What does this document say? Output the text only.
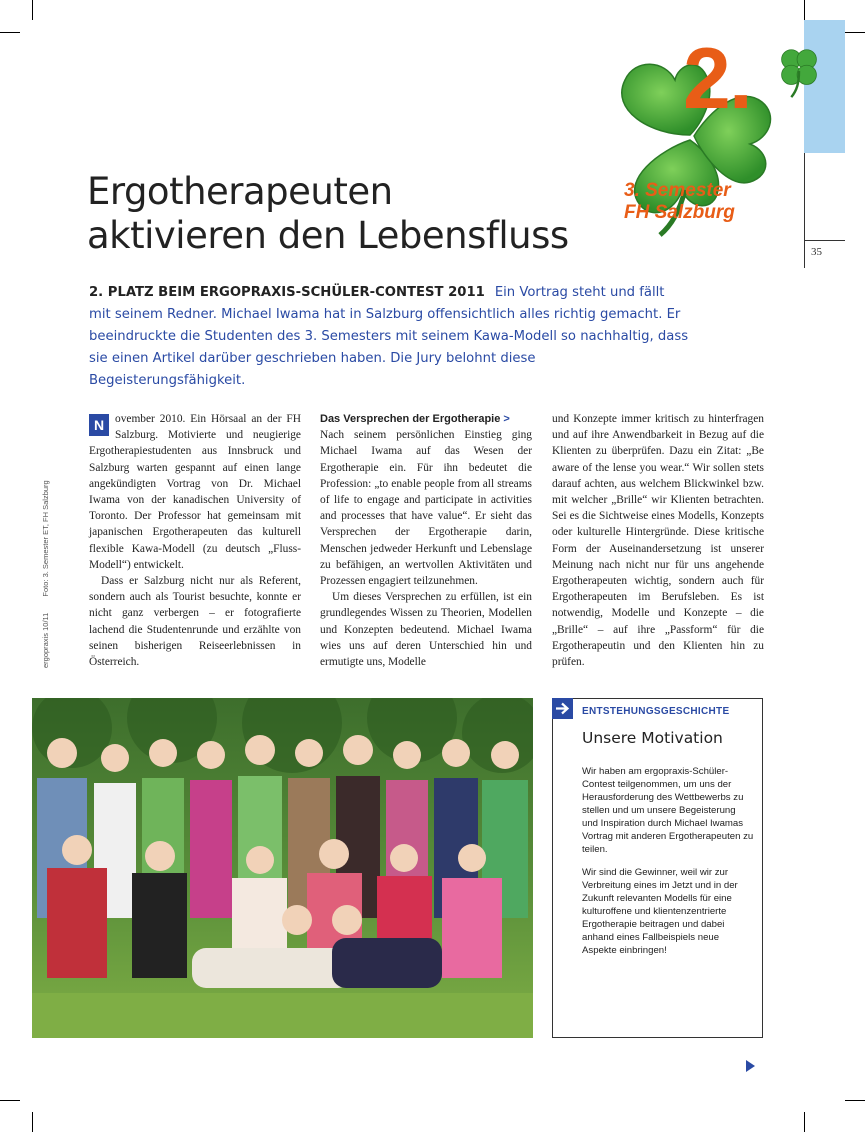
35
2.
3. Semester
FH Salzburg
Ergotherapeuten
aktivieren den Lebensfluss

2. PLATZ BEIM ERGOPRAXIS-SCHÜLER-CONTEST 2011 Ein Vortrag steht und fällt mit seinem Redner. Michael Iwama hat in Salzburg offensichtlich alles richtig gemacht. Er beeindruckte die Studenten des 3. Semesters mit seinem Kawa-Modell so nachhaltig, dass sie einen Artikel darüber geschrieben haben. Die Jury belohnt diese Begeisterungsfähigkeit.

ergopraxis 10/11 Foto: 3. Semester ET, FH Salzburg

N ovember 2010. Ein Hörsaal an der FH Salzburg. Motivierte und neugierige Ergotherapiestudenten aus Innsbruck und Salzburg warten gespannt auf einen lange angekündigten Vortrag von Dr. Michael Iwama von der kanadischen University of Toronto. Der Professor hat gemeinsam mit japanischen Ergotherapeuten das kulturell flexible Kawa-Modell (zu deutsch „Fluss-Modell“) entwickelt.

Dass er Salzburg nicht nur als Referent, sondern auch als Tourist besuchte, konnte er nicht ganz verbergen – er fotografierte lachend die Studentenrunde und erzählte von seinen bisherigen Reiseerlebnissen in Österreich.

Das Versprechen der Ergotherapie >

Nach seinem persönlichen Einstieg ging Michael Iwama auf das Wesen der Ergotherapie ein. Für ihn bedeutet die Profession: „to enable people from all streams of life to engage and participate in activities and processes that have value“. Er sieht das Versprechen der Ergotherapie darin, Menschen jedweder Herkunft und Lebenslage zu befähigen, an wertvollen Aktivitäten und Prozessen engagiert teilzunehmen.

Um dieses Versprechen zu erfüllen, ist ein grundlegendes Wissen zu Theorien, Modellen und Konzepten bedeutend. Michael Iwama wies uns auf deren Unterschied hin und ermutigte uns, Modelle

und Konzepte immer kritisch zu hinterfragen und auf ihre Anwendbarkeit in Bezug auf die Klienten zu überprüfen. Dazu ein Zitat: „Be aware of the lense you wear.“ Wir sollen stets darauf achten, aus welchem Blickwinkel bzw. mit welcher „Brille“ wir Klienten betrachten. Sei es die Sichtweise eines Modells, Konzepts oder kulturelle Hintergründe. Diese kritische Form der Auseinandersetzung ist unserer Meinung nach nicht nur für uns angehende Ergotherapeuten wichtig, sondern auch für Ergotherapeuten im Berufsleben. Es ist notwendig, Modelle und Konzepte – die „Brille“ – auf ihre „Passform“ für die Ergotherapeutin und den Klienten hin zu prüfen.

ENTSTEHUNGSGESCHICHTE
Unsere Motivation

Wir haben am ergopraxis-Schüler-Contest teilgenommen, um uns der Herausforderung des Wettbewerbs zu stellen und um unsere Begeisterung und Inspiration durch Michael Iwamas Vortrag mit anderen Ergotherapeuten zu teilen.

Wir sind die Gewinner, weil wir zur Verbreitung eines im Jetzt und in der Zukunft relevanten Modells für eine kulturoffene und klientenzentrierte Ergotherapie beitragen und dabei anhand eines Fallbeispiels neue Aspekte einbringen!
